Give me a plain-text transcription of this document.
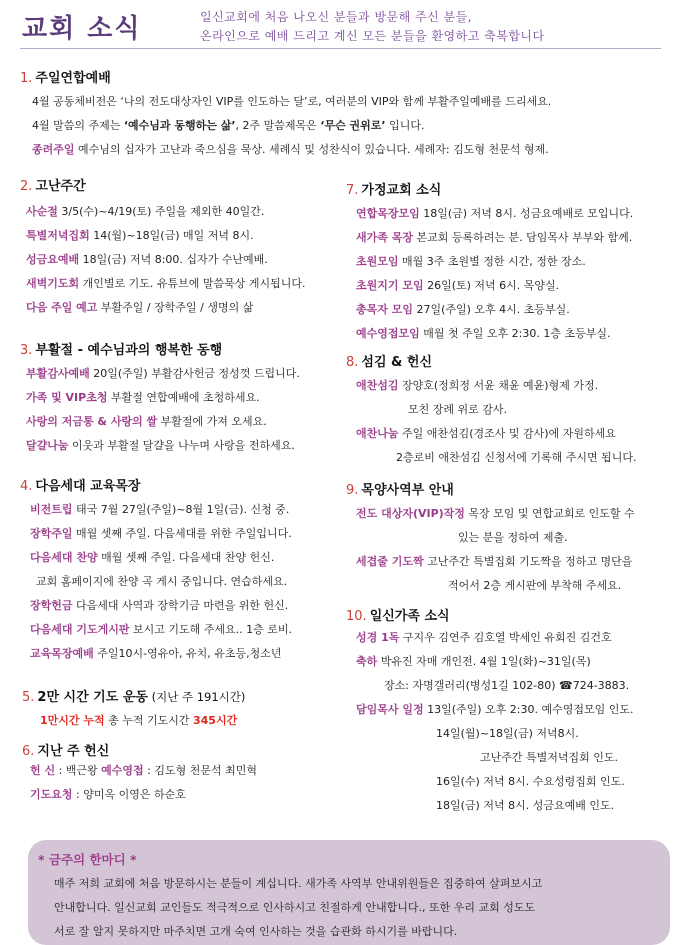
교회 소식	일신교회에 처음 나오신 분들과 방문해 주신 분들,
온라인으로 예배 드리고 계신 모든 분들을 환영하고 축복합니다
1. 주일연합예배
4월 공동체비전은 ‘나의 전도대상자인 VIP를 인도하는 달’로, 여러분의 VIP와 함께 부활주일예배를 드리세요.
4월 말씀의 주제는 ‘예수님과 동행하는 삶’, 2주 말씀제목은 ‘무슨 권위로’ 입니다.
종려주일 예수님의 십자가 고난과 죽으심을 묵상. 세례식 및 성찬식이 있습니다. 세례자: 김도형 천문석 형제.
2. 고난주간
사순절 3/5(수)~4/19(토) 주일을 제외한 40일간.
특별저녁집회 14(월)~18일(금) 매일 저녁 8시.
성금요예배 18일(금) 저녁 8:00. 십자가 수난예배.
새벽기도회 개인별로 기도. 유튜브에 말씀묵상 게시됩니다.
다음 주일 예고 부활주일 / 장학주일 / 생명의 삶
3. 부활절 - 예수님과의 행복한 동행
부활감사예배 20일(주일) 부활감사헌금 정성껏 드립니다.
가족 및 VIP초청 부활절 연합예배에 초청하세요.
사랑의 저금통 & 사랑의 쌀 부활절에 가져 오세요.
달걀나눔 이웃과 부활절 달걀을 나누며 사랑을 전하세요.
4. 다음세대 교육목장
비전트립 태국 7월 27일(주일)~8월 1일(금). 신청 중.
장학주일 매월 셋째 주일. 다음세대를 위한 주일입니다.
다음세대 찬양 매월 셋째 주일. 다음세대 찬양 헌신.
교회 홈페이지에 찬양 곡 게시 중입니다. 연습하세요.
장학헌금 다음세대 사역과 장학기금 마련을 위한 헌신.
다음세대 기도게시판 보시고 기도해 주세요.. 1층 로비.
교육목장예배 주일10시-영유아, 유치, 유초등,청소년
5. 2만 시간 기도 운동 (지난 주 191시간)
1만시간 누적 총 누적 기도시간 345시간
6. 지난 주 헌신
헌 신 : 백근왕 예수영접 : 김도형 천문석 최민혁
기도요청 : 양미옥 이영은 하순호
7. 가정교회 소식
연합목장모임 18일(금) 저녁 8시. 성금요예배로 모입니다.
새가족 목장 본교회 등록하려는 분. 담임목사 부부와 함께.
초원모임 매월 3주 초원별 정한 시간, 정한 장소.
초원지기 모임 26일(토) 저녁 6시. 목양실.
총목자 모임 27일(주일) 오후 4시. 초등부실.
예수영접모임 매월 첫 주일 오후 2:30. 1층 초등부실.
8. 섬김 & 헌신
애찬섬김 장양호(정희정 서윤 채윤 예윤)형제 가정.
모친 장례 위로 감사.
애찬나눔 주일 애찬섬김(경조사 및 감사)에 자원하세요
2층로비 애찬섬김 신청서에 기록해 주시면 됩니다.
9. 목양사역부 안내
전도 대상자(VIP)작정 목장 모임 및 연합교회로 인도할 수
있는 분을 정하여 제출.
세겹줄 기도짝 고난주간 특별집회 기도짝을 정하고 명단을
적어서 2층 게시판에 부착해 주세요.
10. 일신가족 소식
성경 1독 구지우 김연주 김호열 박세인 유회진 김건호
축하 박유진 자매 개인전. 4월 1일(화)~31일(목)
장소: 자명갤러리(병성1길 102-80) ☎724-3883.
담임목사 일정 13일(주일) 오후 2:30. 예수영접모임 인도.
14일(월)~18일(금) 저녁8시.
고난주간 특별저녁집회 인도.
16일(수) 저녁 8시. 수요성령집회 인도.
18일(금) 저녁 8시. 성금요예배 인도.
* 금주의 한마디 *
매주 저희 교회에 처음 방문하시는 분들이 계십니다. 새가족 사역부 안내위원들은 집중하여 살펴보시고
안내합니다. 일신교회 교인들도 적극적으로 인사하시고 친절하게 안내합니다., 또한 우리 교회 성도도
서로 잘 알지 못하지만 마주치면 고개 숙여 인사하는 것을 습관화 하시기를 바랍니다.
